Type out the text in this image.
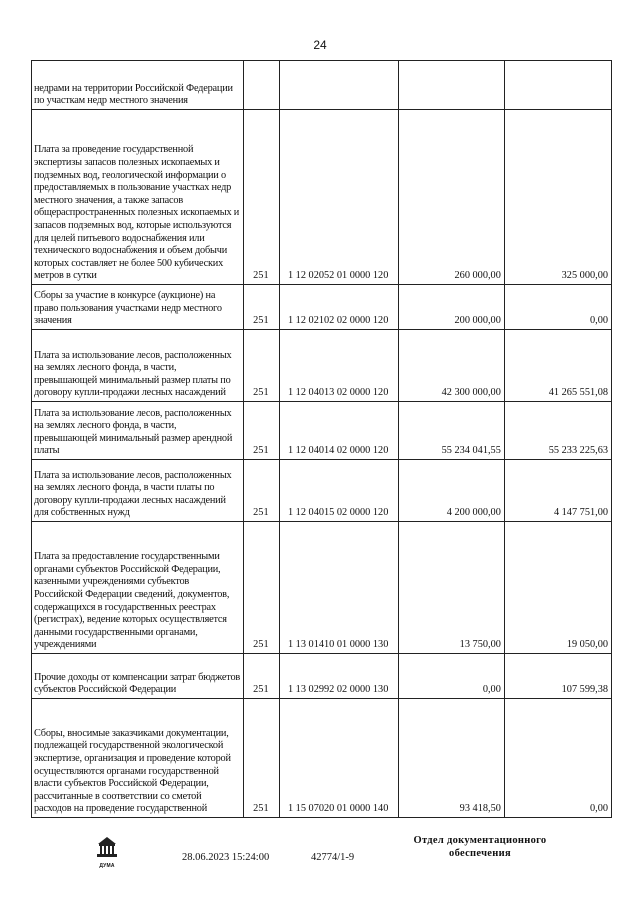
24
недрами на территории Российской Федерации по участкам недр местного значения				

Плата за проведение государственной экспертизы запасов полезных ископаемых и подземных вод, геологической информации о предоставляемых в пользование участках недр местного значения, а также запасов общераспространенных полезных ископаемых и запасов подземных вод, которые используются для целей питьевого водоснабжения или технического водоснабжения и объем добычи которых составляет не более 500 кубических метров в сутки	251	1 12 02052 01 0000 120	260 000,00	325 000,00

Сборы за участие в конкурсе (аукционе) на право пользования участками недр местного значения	251	1 12 02102 02 0000 120	200 000,00	0,00

Плата за использование лесов, расположенных на землях лесного фонда, в части, превышающей минимальный размер платы по договору купли-продажи лесных насаждений	251	1 12 04013 02 0000 120	42 300 000,00	41 265 551,08

Плата за использование лесов, расположенных на землях лесного фонда, в части, превышающей минимальный размер арендной платы	251	1 12 04014 02 0000 120	55 234 041,55	55 233 225,63

Плата за использование лесов, расположенных на землях лесного фонда, в части платы по договору купли-продажи лесных насаждений для собственных нужд	251	1 12 04015 02 0000 120	4 200 000,00	4 147 751,00

Плата за предоставление государственными органами субъектов Российской Федерации, казенными учреждениями субъектов Российской Федерации сведений, документов, содержащихся в государственных реестрах (регистрах), ведение которых осуществляется данными государственными органами, учреждениями	251	1 13 01410 01 0000 130	13 750,00	19 050,00

Прочие доходы от компенсации затрат бюджетов субъектов Российской Федерации	251	1 13 02992 02 0000 130	0,00	107 599,38

Сборы, вносимые заказчиками документации, подлежащей государственной экологической экспертизе, организация и проведение которой осуществляются органами государственной власти субъектов Российской Федерации, рассчитанные в соответствии со сметой расходов на проведение государственной	251	1 15 07020 01 0000 140	93 418,50	0,00
ДУМА
Отдел документационного
обеспечения
28.06.2023 15:24:00	42774/1-9
